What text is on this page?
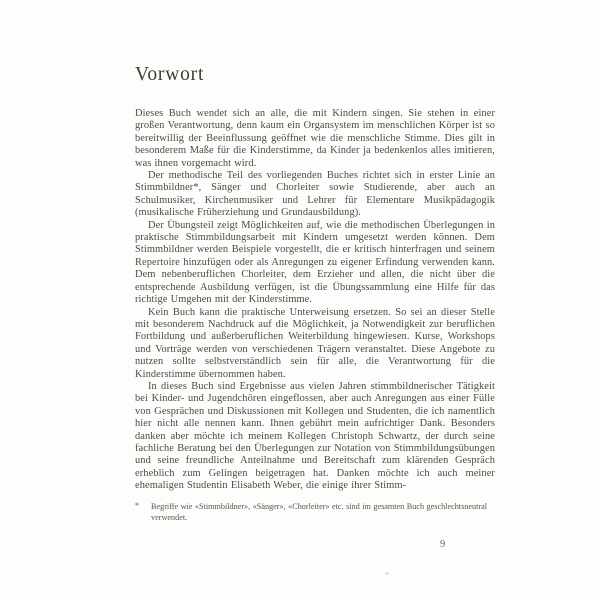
Vorwort

Dieses Buch wendet sich an alle, die mit Kindern singen. Sie stehen in einer großen Verantwortung, denn kaum ein Organsystem im menschlichen Körper ist so bereitwillig der Beeinflussung geöffnet wie die menschliche Stimme. Dies gilt in besonderem Maße für die Kinderstimme, da Kinder ja bedenkenlos alles imitieren, was ihnen vorgemacht wird.

Der methodische Teil des vorliegenden Buches richtet sich in erster Linie an Stimmbildner*, Sänger und Chorleiter sowie Studierende, aber auch an Schulmusiker, Kirchenmusiker und Lehrer für Elementare Musikpädagogik (musikalische Früherziehung und Grundausbildung).

Der Übungsteil zeigt Möglichkeiten auf, wie die methodischen Überlegungen in praktische Stimmbildungsarbeit mit Kindern umgesetzt werden können. Dem Stimmbildner werden Beispiele vorgestellt, die er kritisch hinterfragen und seinem Repertoire hinzufügen oder als Anregungen zu eigener Erfindung verwenden kann. Dem nebenberuflichen Chorleiter, dem Erzieher und allen, die nicht über die entsprechende Ausbildung verfügen, ist die Übungssammlung eine Hilfe für das richtige Umgehen mit der Kinderstimme.

Kein Buch kann die praktische Unterweisung ersetzen. So sei an dieser Stelle mit besonderem Nachdruck auf die Möglichkeit, ja Notwendigkeit zur beruflichen Fortbildung und außerberuflichen Weiterbildung hingewiesen. Kurse, Workshops und Vorträge werden von verschiedenen Trägern veranstaltet. Diese Angebote zu nutzen sollte selbstverständlich sein für alle, die Verantwortung für die Kinderstimme übernommen haben.

In dieses Buch sind Ergebnisse aus vielen Jahren stimmbildnerischer Tätigkeit bei Kinder- und Jugendchören eingeflossen, aber auch Anregungen aus einer Fülle von Gesprächen und Diskussionen mit Kollegen und Studenten, die ich namentlich hier nicht alle nennen kann. Ihnen gebührt mein aufrichtiger Dank. Besonders danken aber möchte ich meinem Kollegen Christoph Schwartz, der durch seine fachliche Beratung bei den Überlegungen zur Notation von Stimmbildungsübungen und seine freundliche Anteilnahme und Bereitschaft zum klärenden Gespräch erheblich zum Gelingen beigetragen hat. Danken möchte ich auch meiner ehemaligen Studentin Elisabeth Weber, die einige ihrer Stimm-

* Begriffe wie «Stimmbildner», «Sänger», «Chorleiter» etc. sind im gesamten Buch geschlechtsneutral verwendet.
9
